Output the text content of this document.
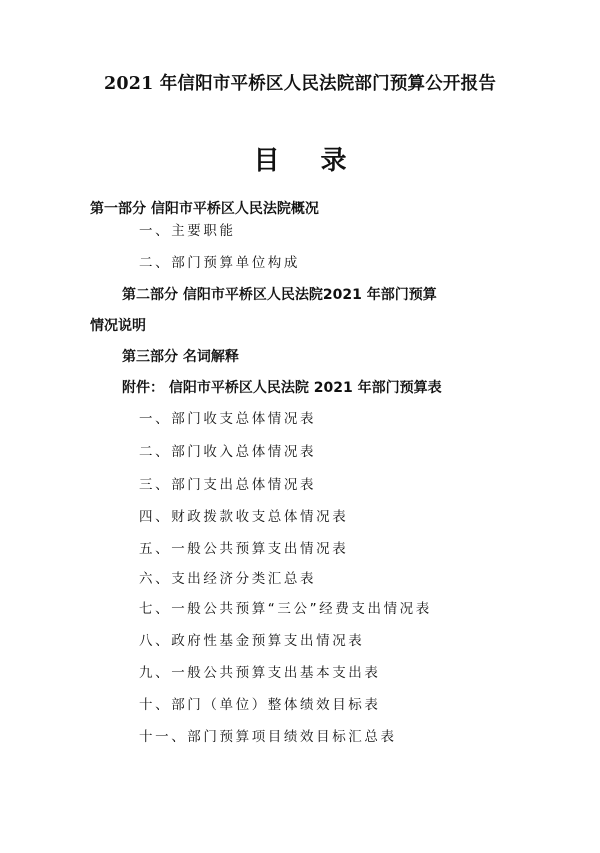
2021 年信阳市平桥区人民法院部门预算公开报告
目 录
第一部分 信阳市平桥区人民法院概况
一、主要职能
二、部门预算单位构成
第二部分 信阳市平桥区人民法院2021 年部门预算
情况说明
第三部分 名词解释
附件： 信阳市平桥区人民法院 2021 年部门预算表
一、部门收支总体情况表
二、部门收入总体情况表
三、部门支出总体情况表
四、财政拨款收支总体情况表
五、一般公共预算支出情况表
六、支出经济分类汇总表
七、一般公共预算“三公”经费支出情况表
八、政府性基金预算支出情况表
九、一般公共预算支出基本支出表
十、部门（单位）整体绩效目标表
十一、部门预算项目绩效目标汇总表
